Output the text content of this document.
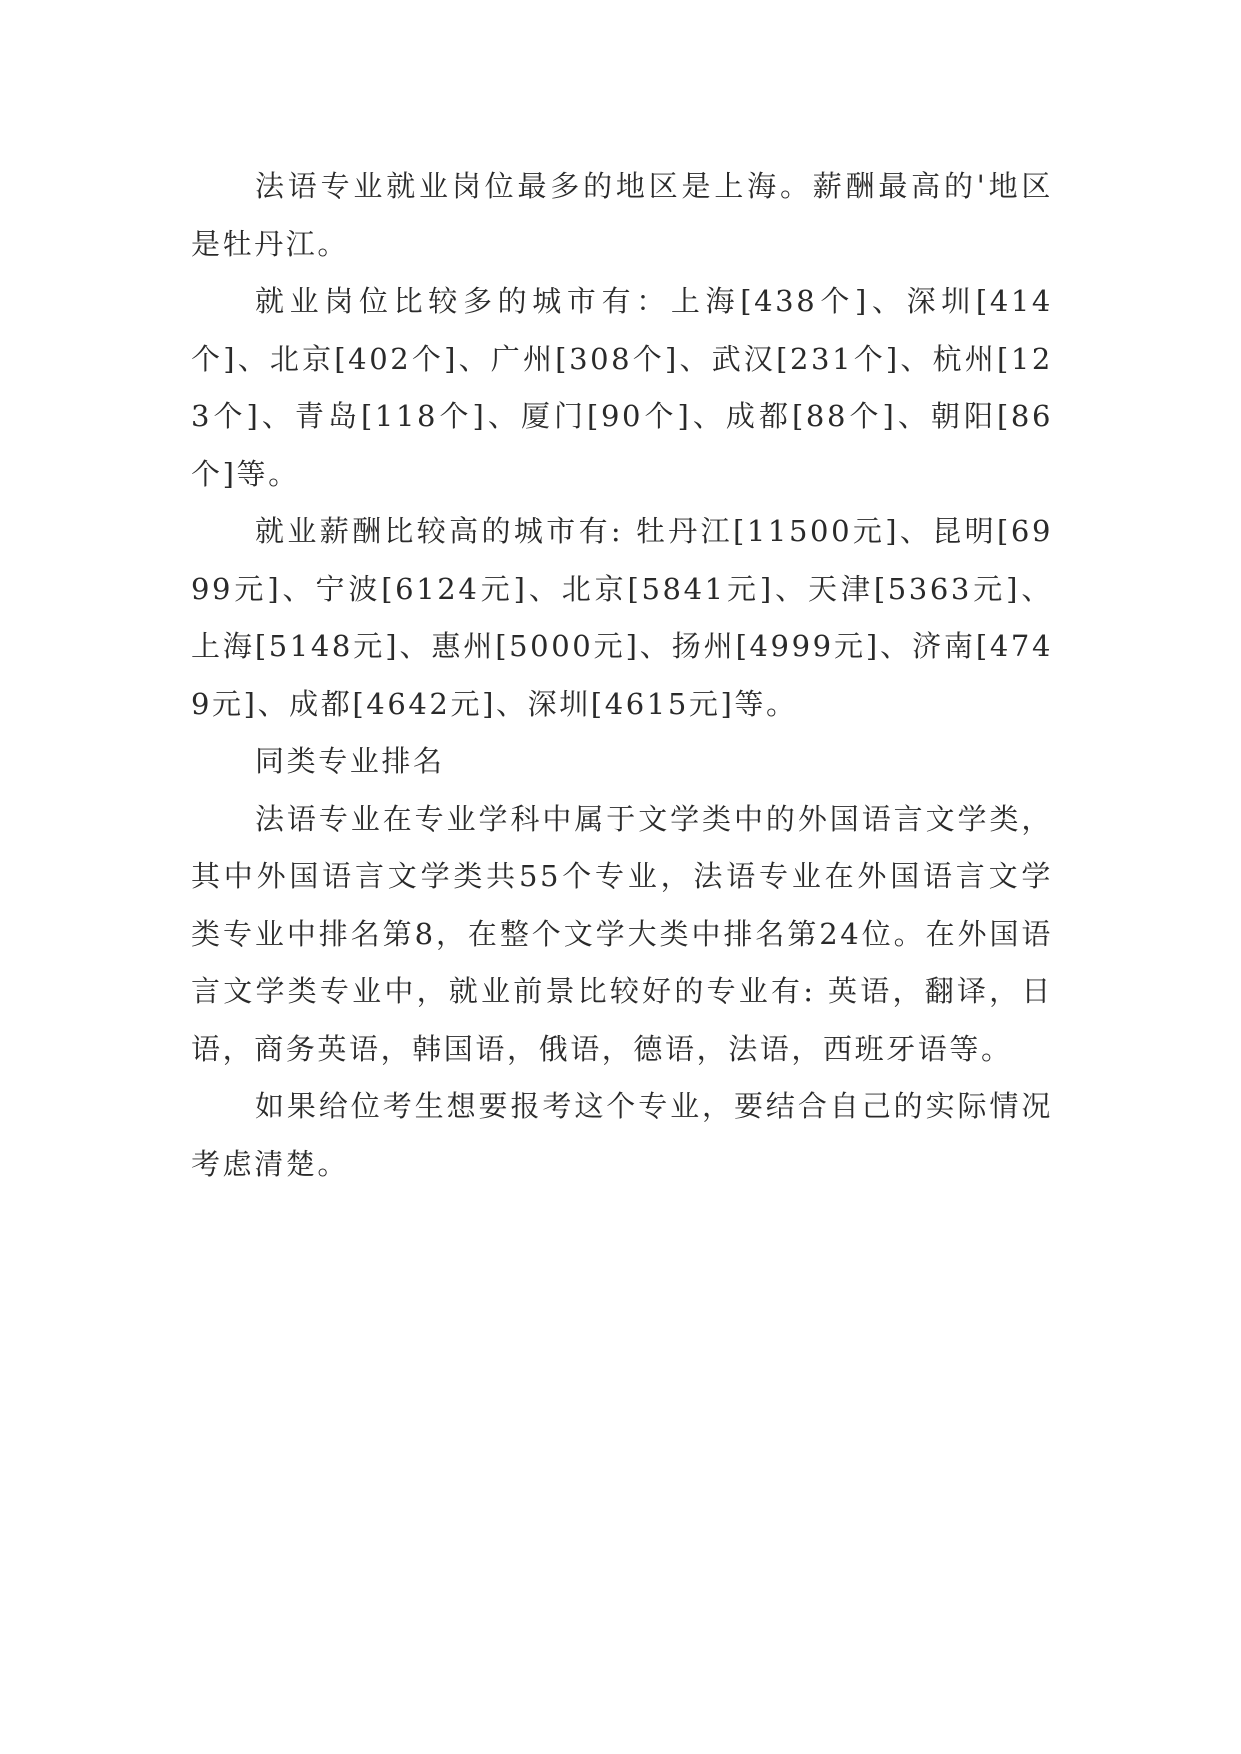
法语专业就业岗位最多的地区是上海。薪酬最高的'地区是牡丹江。

就业岗位比较多的城市有：上海[438个]、深圳[414个]、北京[402个]、广州[308个]、武汉[231个]、杭州[123个]、青岛[118个]、厦门[90个]、成都[88个]、朝阳[86个]等。

就业薪酬比较高的城市有: 牡丹江[11500元]、昆明[6999元]、宁波[6124元]、北京[5841元]、天津[5363元]、上海[5148元]、惠州[5000元]、扬州[4999元]、济南[4749元]、成都[4642元]、深圳[4615元]等。

同类专业排名

法语专业在专业学科中属于文学类中的外国语言文学类，其中外国语言文学类共55个专业，法语专业在外国语言文学类专业中排名第8，在整个文学大类中排名第24位。在外国语言文学类专业中，就业前景比较好的专业有: 英语，翻译，日语，商务英语，韩国语，俄语，德语，法语，西班牙语等。

如果给位考生想要报考这个专业，要结合自己的实际情况考虑清楚。
